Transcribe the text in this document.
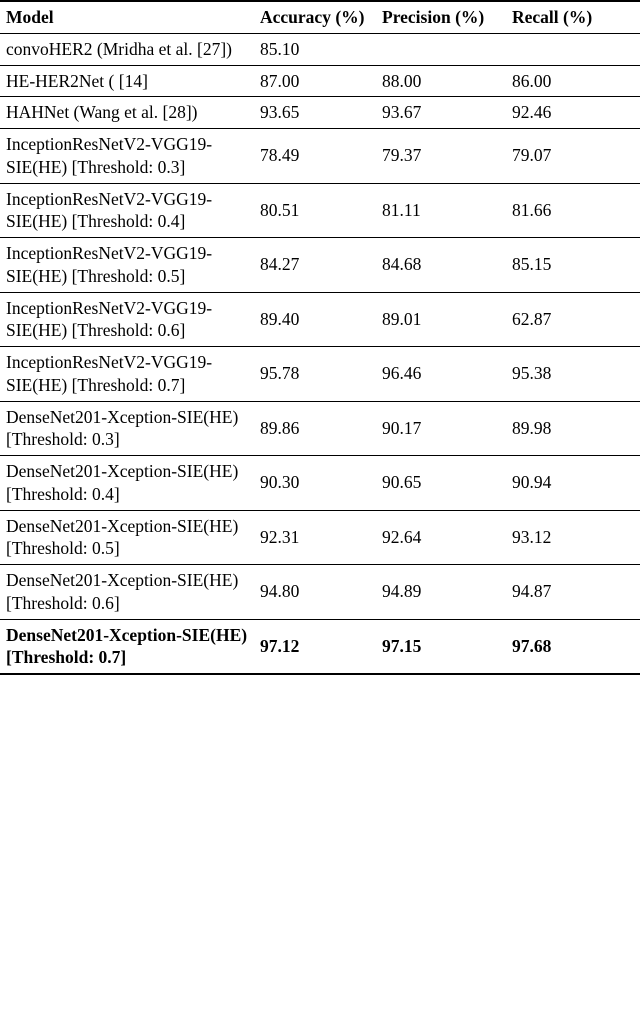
Model	Accuracy (%)	Precision (%)	Recall (%)
convoHER2 (Mridha et al. [27])	85.10		
HE-HER2Net ( [14]	87.00	88.00	86.00
HAHNet (Wang et al. [28])	93.65	93.67	92.46
InceptionResNetV2-VGG19-SIE(HE) [Threshold: 0.3]	78.49	79.37	79.07
InceptionResNetV2-VGG19-SIE(HE) [Threshold: 0.4]	80.51	81.11	81.66
InceptionResNetV2-VGG19-SIE(HE) [Threshold: 0.5]	84.27	84.68	85.15
InceptionResNetV2-VGG19-SIE(HE) [Threshold: 0.6]	89.40	89.01	62.87
InceptionResNetV2-VGG19-SIE(HE) [Threshold: 0.7]	95.78	96.46	95.38
DenseNet201-Xception-SIE(HE) [Threshold: 0.3]	89.86	90.17	89.98
DenseNet201-Xception-SIE(HE) [Threshold: 0.4]	90.30	90.65	90.94
DenseNet201-Xception-SIE(HE) [Threshold: 0.5]	92.31	92.64	93.12
DenseNet201-Xception-SIE(HE) [Threshold: 0.6]	94.80	94.89	94.87
DenseNet201-Xception-SIE(HE) [Threshold: 0.7]	97.12	97.15	97.68
